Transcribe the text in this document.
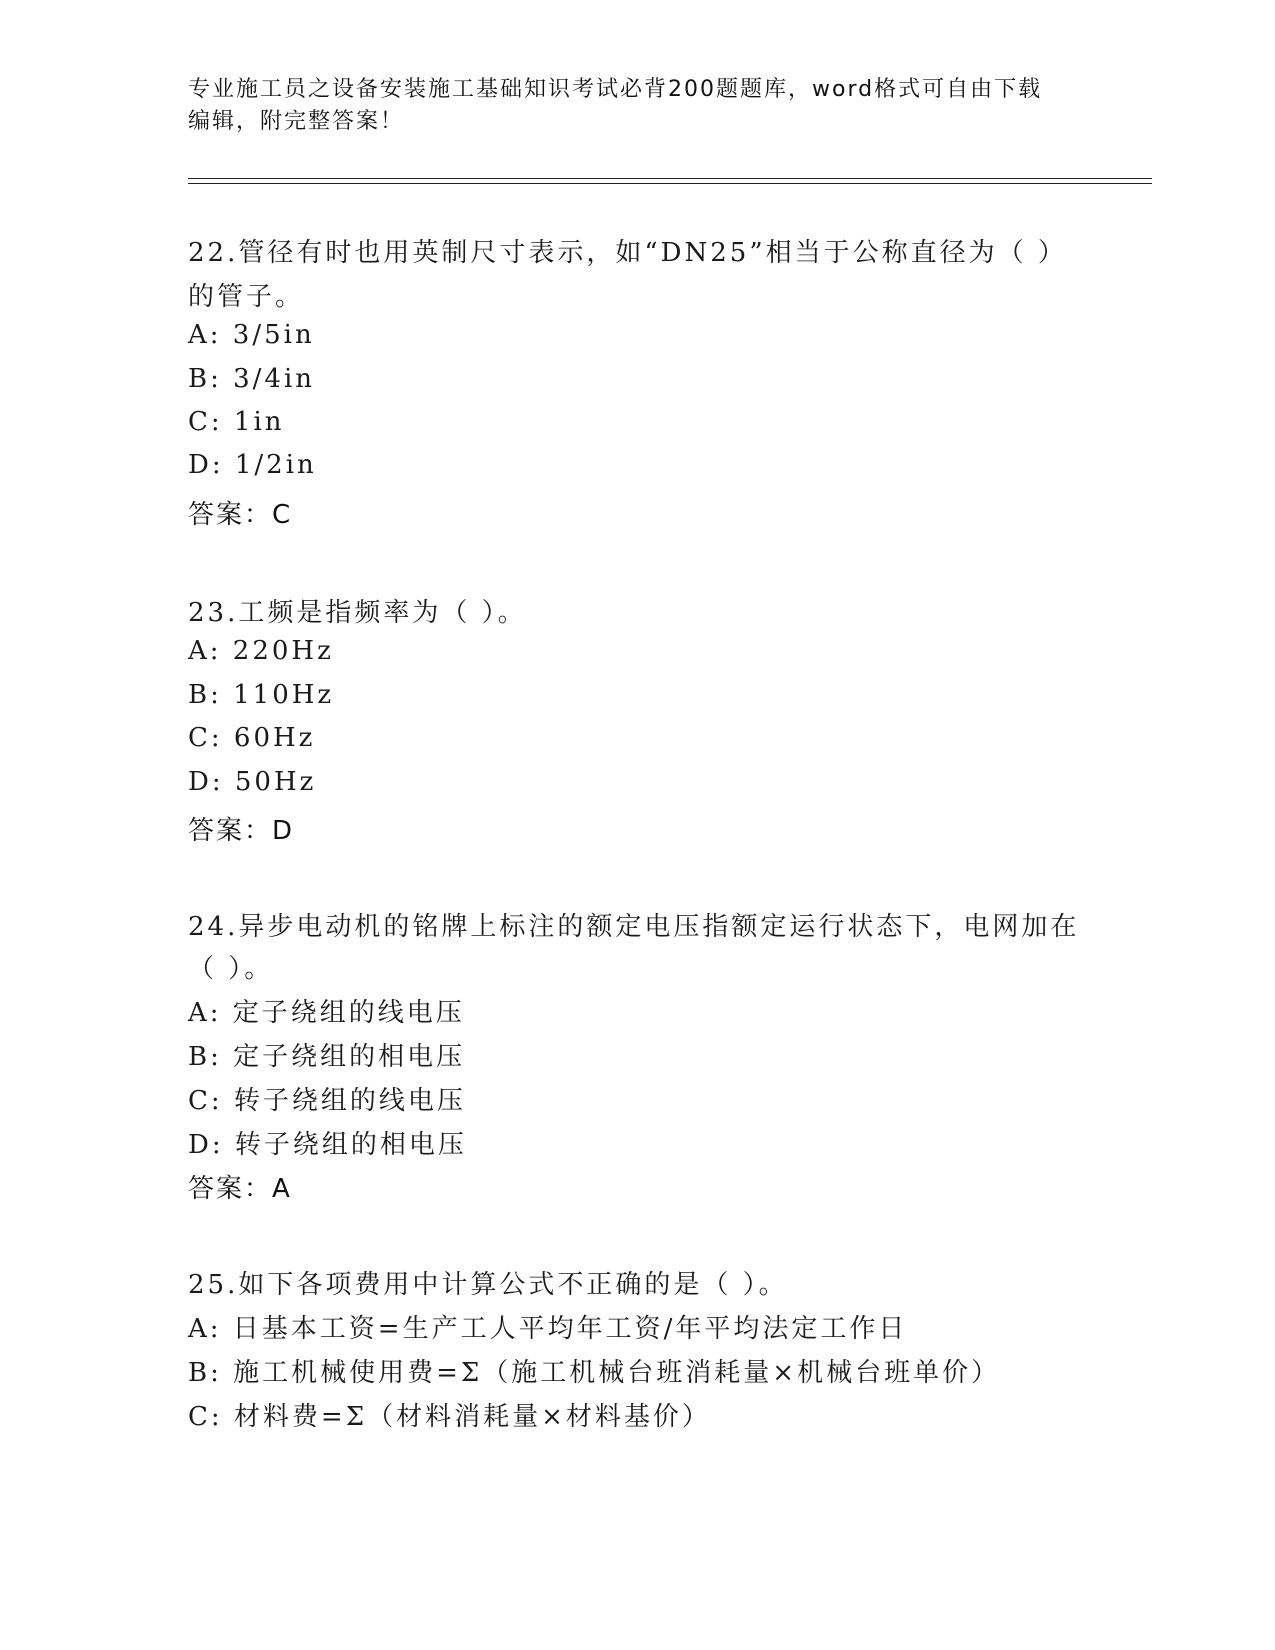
专业施工员之设备安装施工基础知识考试必背200题题库，word格式可自由下载
编辑，附完整答案！
22.管径有时也用英制尺寸表示，如“DN25”相当于公称直径为（ ）
的管子。
A: 3/5in
B: 3/4in
C: 1in
D: 1/2in
答案：C
23.工频是指频率为（ ）。
A: 220Hz
B: 110Hz
C: 60Hz
D: 50Hz
答案：D
24.异步电动机的铭牌上标注的额定电压指额定运行状态下，电网加在
（ ）。
A: 定子绕组的线电压
B: 定子绕组的相电压
C: 转子绕组的线电压
D: 转子绕组的相电压
答案：A
25.如下各项费用中计算公式不正确的是（ ）。
A: 日基本工资=生产工人平均年工资/年平均法定工作日
B: 施工机械使用费=Σ（施工机械台班消耗量×机械台班单价）
C: 材料费=Σ（材料消耗量×材料基价）
